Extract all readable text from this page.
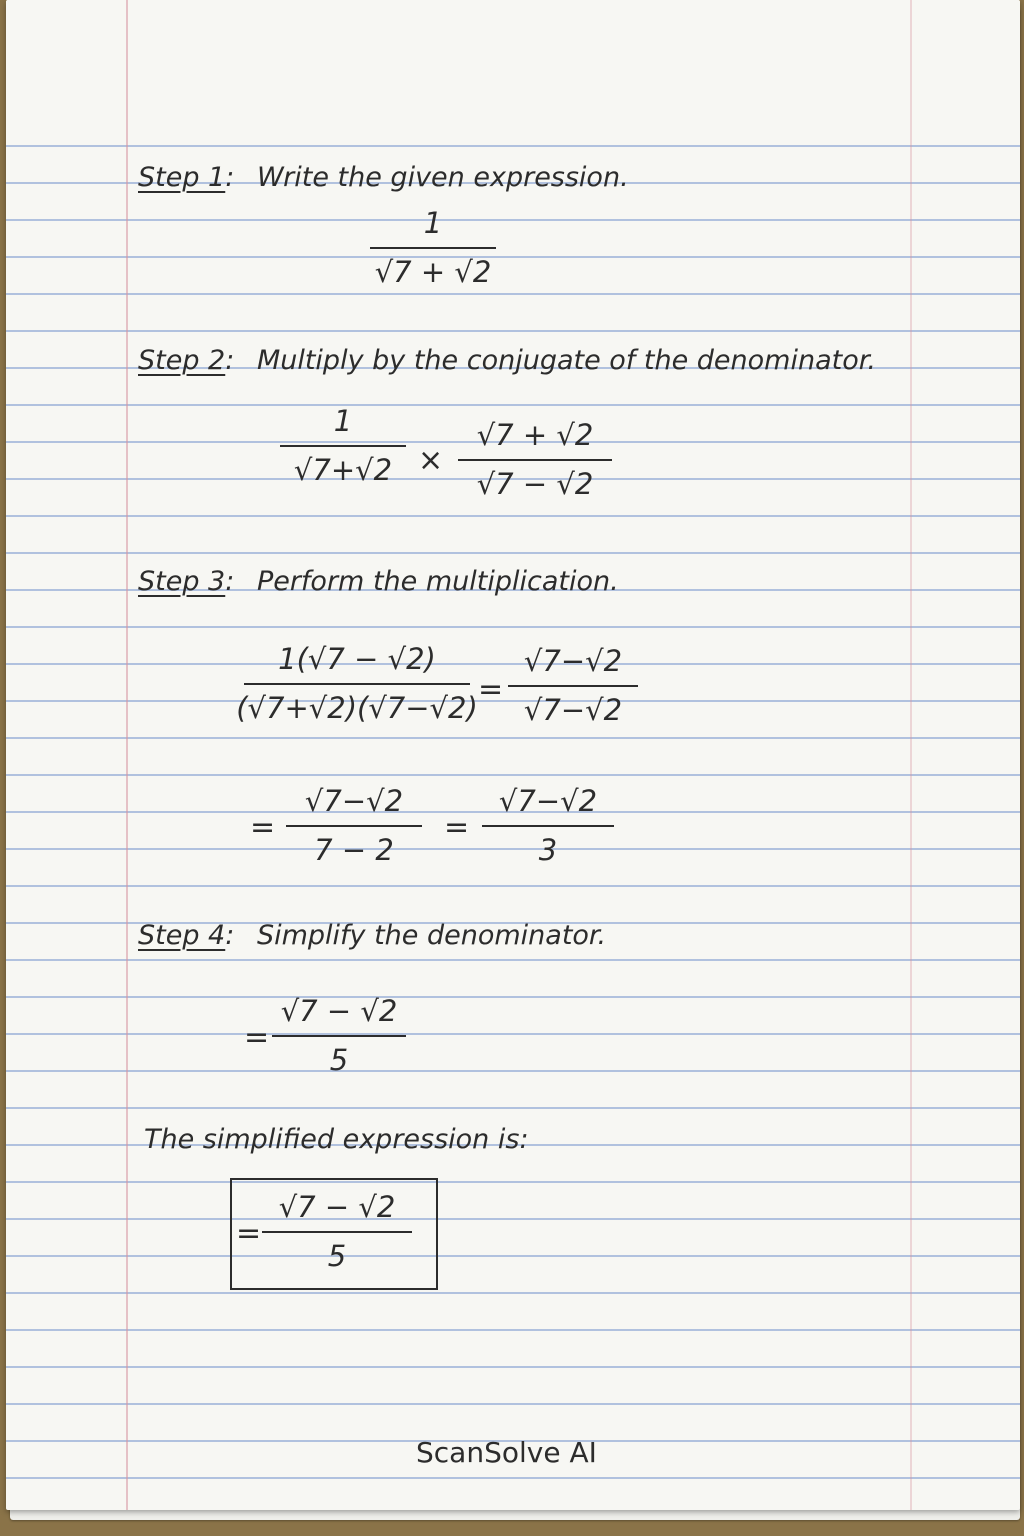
Step 1: Write the given expression.
1
√7 + √2
Step 2: Multiply by the conjugate of the denominator.
1
√7+√2 ×
√7 + √2
√7 − √2
Step 3: Perform the multiplication.
1(√7 − √2)
(√7+√2)(√7−√2)
=
√7−√2
√7−√2
=
√7−√2
7 − 2
=
√7−√2
3
Step 4: Simplify the denominator.
=
√7 − √2
5
The simplified expression is:
=
√7 − √2
5
ScanSolve AI
